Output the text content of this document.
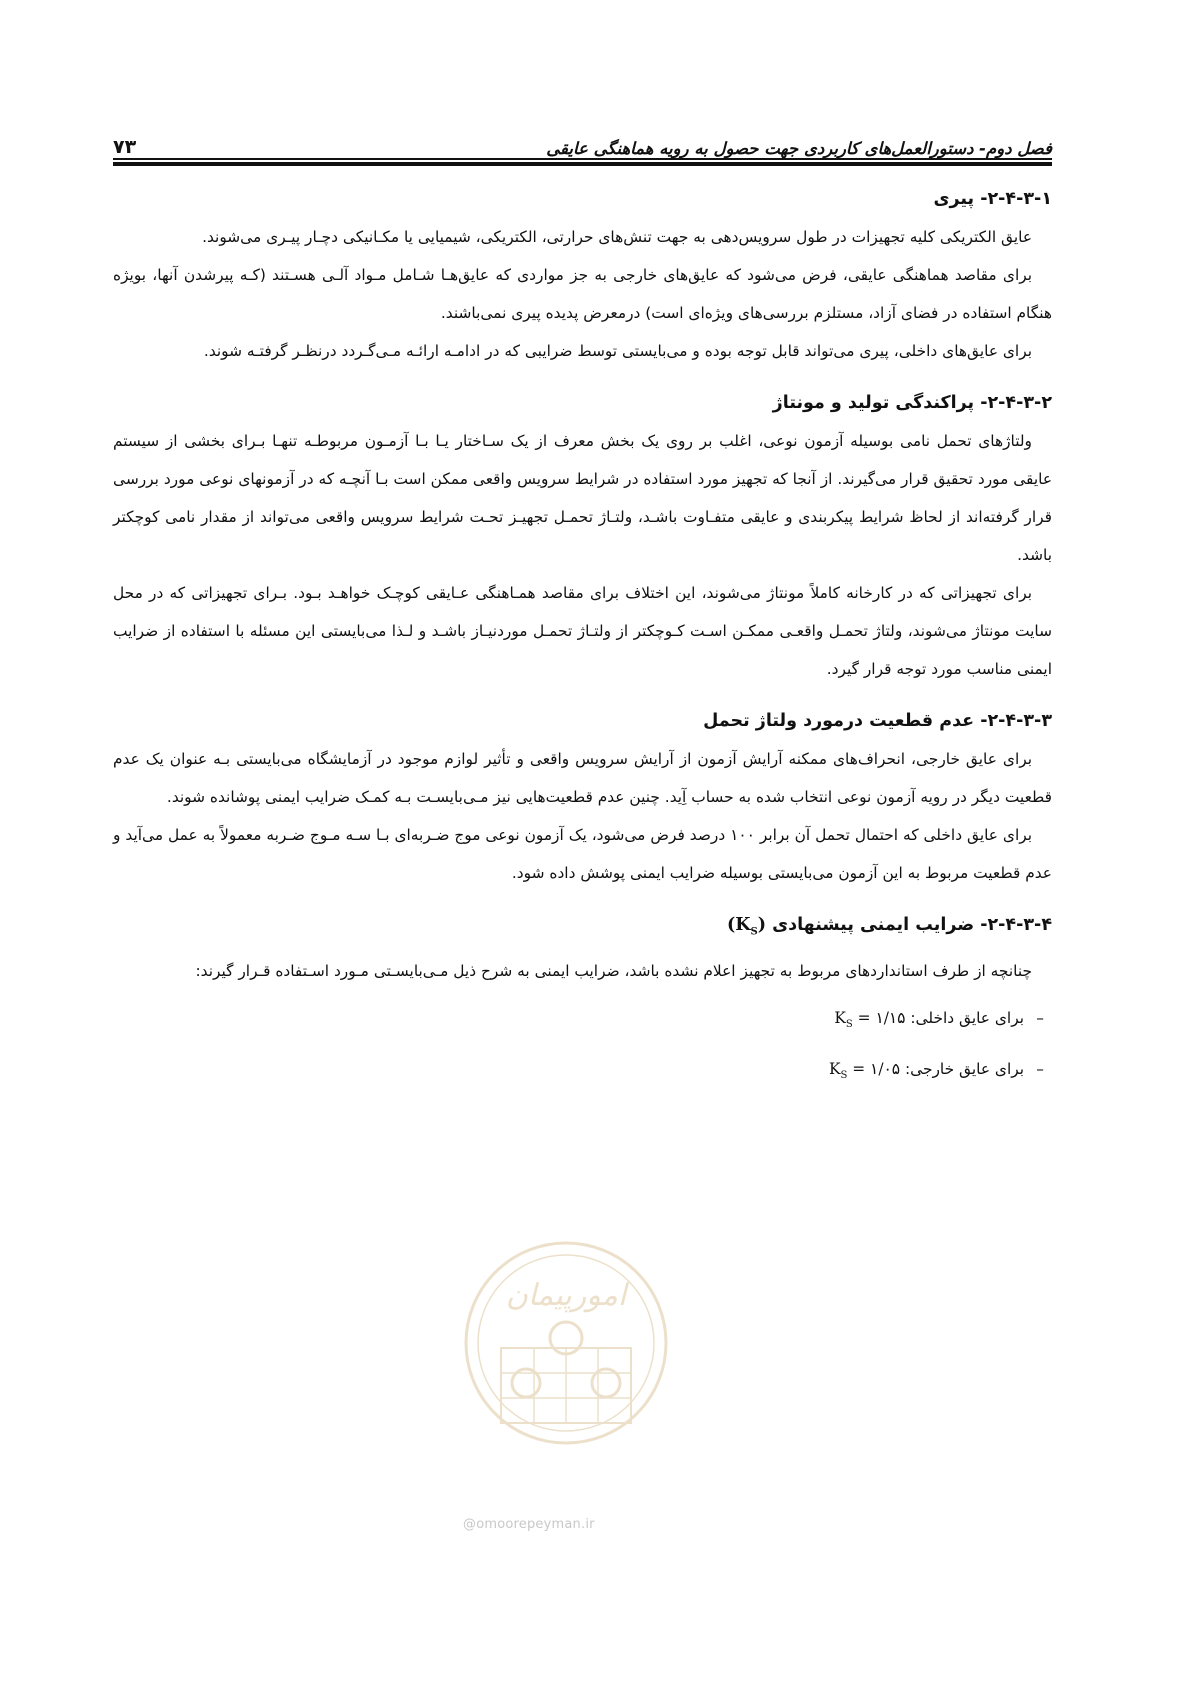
۷۳	فصل دوم- دستورالعمل‌های کاربردی جهت حصول به رویه هماهنگی عایقی
۲-۴-۳-۱- پیری

عایق الکتریکی کلیه تجهیزات در طول سرویس‌دهی به جهت تنش‌های حرارتی، الکتریکی، شیمیایی یا مکـانیکی دچـار پیـری می‌شوند.

برای مقاصد هماهنگی عایقی، فرض می‌شود که عایق‌های خارجی به جز مواردی که عایق‌هـا شـامل مـواد آلـی هسـتند (کـه پیرشدن آنها، بویژه هنگام استفاده در فضای آزاد، مستلزم بررسی‌های ویژه‌ای است) درمعرض پدیده پیری نمی‌باشند.

برای عایق‌های داخلی، پیری می‌تواند قابل توجه بوده و می‌بایستی توسط ضرایبی که در ادامـه ارائـه مـی‌گـردد درنظـر گرفتـه شوند.

۲-۴-۳-۲- پراکندگی تولید و مونتاژ

ولتاژهای تحمل نامی بوسیله آزمون نوعی، اغلب بر روی یک بخش معرف از یک سـاختار یـا بـا آزمـون مربوطـه تنهـا بـرای بخشی از سیستم عایقی مورد تحقیق قرار می‌گیرند. از آنجا که تجهیز مورد استفاده در شرایط سرویس واقعی ممکن است بـا آنچـه که در آزمونهای نوعی مورد بررسی قرار گرفته‌اند از لحاظ شرایط پیکربندی و عایقی متفـاوت باشـد، ولتـاژ تحمـل تجهیـز تحـت شرایط سرویس واقعی می‌تواند از مقدار نامی کوچکتر باشد.

برای تجهیزاتی که در کارخانه کاملاً مونتاژ می‌شوند، این اختلاف برای مقاصد همـاهنگی عـایقی کوچـک خواهـد بـود. بـرای تجهیزاتی که در محل سایت مونتاژ می‌شوند، ولتاژ تحمـل واقعـی ممکـن اسـت کـوچکتر از ولتـاژ تحمـل موردنیـاز باشـد و لـذا می‌بایستی این مسئله با استفاده از ضرایب ایمنی مناسب مورد توجه قرار گیرد.

۲-۴-۳-۳- عدم قطعیت درمورد ولتاژ تحمل

برای عایق خارجی، انحراف‌های ممکنه آرایش آزمون از آرایش سرویس واقعی و تأثیر لوازم موجود در آزمایشگاه می‌بایستی بـه عنوان یک عدم قطعیت دیگر در رویه آزمون نوعی انتخاب شده به حساب آِید. چنین عدم قطعیت‌هایی نیز مـی‌بایسـت بـه کمـک ضرایب ایمنی پوشانده شوند.

برای عایق داخلی که احتمال تحمل آن برابر ۱۰۰ درصد فرض می‌شود، یک آزمون نوعی موج ضـربه‌ای بـا سـه مـوج ضـربه معمولاً به عمل می‌آید و عدم قطعیت مربوط به این آزمون می‌بایستی بوسیله ضرایب ایمنی پوشش داده شود.

۲-۴-۳-۴- ضرایب ایمنی پیشنهادی $(K_S)$

چنانچه از طرف استانداردهای مربوط به تجهیز اعلام نشده باشد، ضرایب ایمنی به شرح ذیل مـی‌بایسـتی مـورد اسـتفاده قـرار گیرند:

–
برای عایق داخلی: $K_S$ = ۱/۱۵
–
برای عایق خارجی: $K_S$ = ۱/۰۵
امورپیمان
@omoorepeyman.ir
